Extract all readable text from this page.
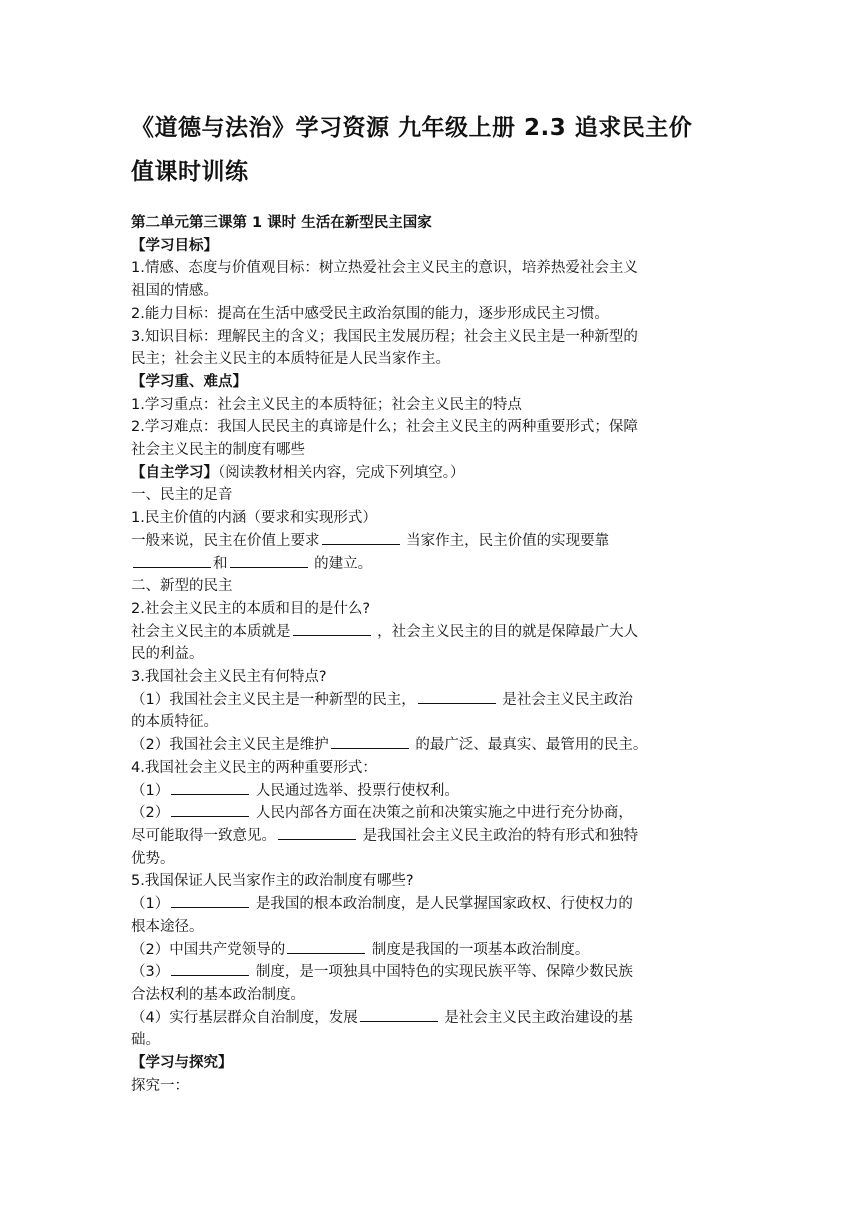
《道德与法治》学习资源 九年级上册 2.3 追求民主价
值课时训练
第二单元第三课第 1 课时 生活在新型民主国家
【学习目标】
1.情感、态度与价值观目标：树立热爱社会主义民主的意识，培养热爱社会主义
祖国的情感。
2.能力目标：提高在生活中感受民主政治氛围的能力，逐步形成民主习惯。
3.知识目标：理解民主的含义；我国民主发展历程；社会主义民主是一种新型的
民主；社会主义民主的本质特征是人民当家作主。
【学习重、难点】
1.学习重点：社会主义民主的本质特征；社会主义民主的特点
2.学习难点：我国人民民主的真谛是什么；社会主义民主的两种重要形式；保障
社会主义民主的制度有哪些
【自主学习】（阅读教材相关内容，完成下列填空。）
一、民主的足音
1.民主价值的内涵（要求和实现形式）
一般来说，民主在价值上要求	当家作主，民主价值的实现要靠
和	的建立。
二、新型的民主
2.社会主义民主的本质和目的是什么?
社会主义民主的本质就是	，社会主义民主的目的就是保障最广大人
民的利益。
3.我国社会主义民主有何特点?
（1）我国社会主义民主是一种新型的民主，	是社会主义民主政治
的本质特征。
（2）我国社会主义民主是维护	的最广泛、最真实、最管用的民主。
4.我国社会主义民主的两种重要形式：
（1）	人民通过选举、投票行使权利。
（2）	人民内部各方面在决策之前和决策实施之中进行充分协商，
尽可能取得一致意见。	是我国社会主义民主政治的特有形式和独特
优势。
5.我国保证人民当家作主的政治制度有哪些?
（1）	是我国的根本政治制度，是人民掌握国家政权、行使权力的
根本途径。
（2）中国共产党领导的	制度是我国的一项基本政治制度。
（3）	制度，是一项独具中国特色的实现民族平等、保障少数民族
合法权利的基本政治制度。
（4）实行基层群众自治制度，发展	是社会主义民主政治建设的基
础。
【学习与探究】
探究一：
